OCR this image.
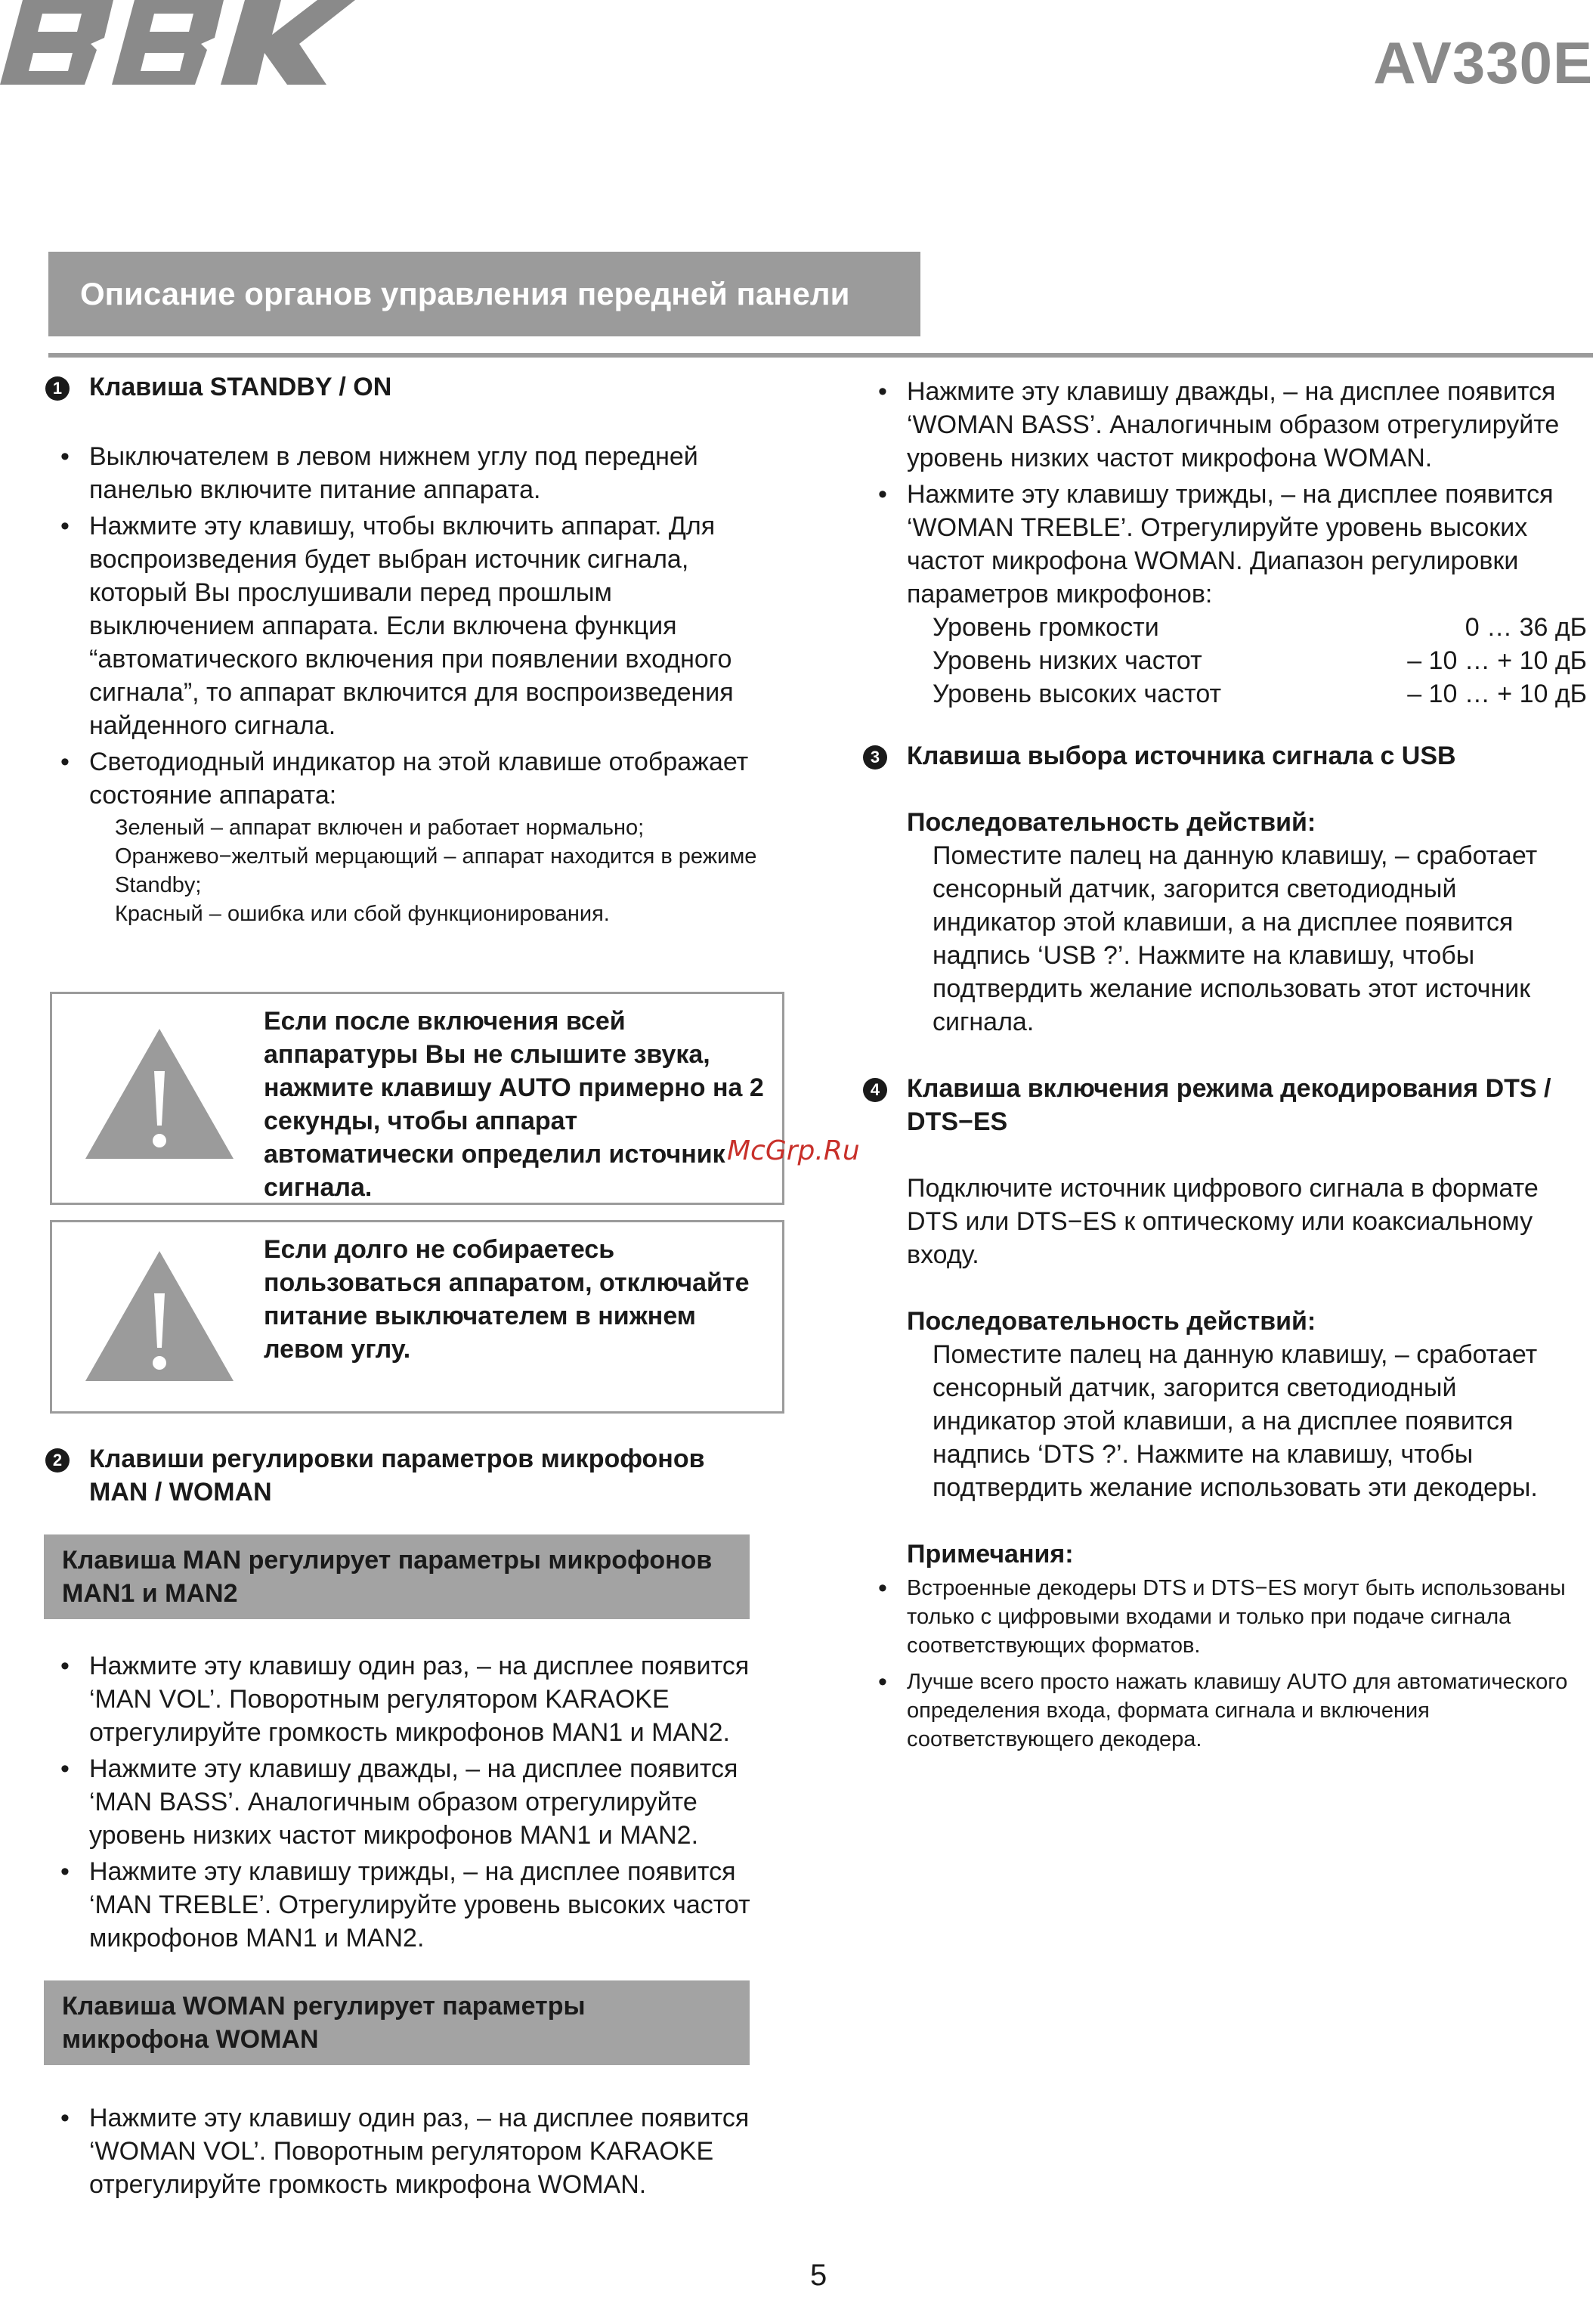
AV330E
Описание органов управления передней панели
1 Клавиша STANDBY / ON
• Выключателем в левом нижнем углу под передней панелью включите питание аппарата.
• Нажмите эту клавишу, чтобы включить аппарат. Для воспроизведения будет выбран источник сигнала, который Вы прослушивали перед прошлым выключением аппарата. Если включена функция “автоматического включения при появлении входного сигнала”, то аппарат включится для воспроизведения найденного сигнала.
• Светодиодный индикатор на этой клавише отображает состояние аппарата:
Зеленый – аппарат включен и работает нормально;
Оранжево−желтый мерцающий – аппарат находится в режиме Standby;
Красный – ошибка или сбой функционирования.
Если после включения всей аппаратуры Вы не слышите звука, нажмите клавишу AUTO примерно на 2 секунды, чтобы аппарат автоматически определил источник сигнала.
Если долго не собираетесь пользоваться аппаратом, отключайте питание выключателем в нижнем левом углу.
2 Клавиши регулировки параметров микрофонов MAN / WOMAN
Клавиша MAN регулирует параметры микрофонов MAN1 и MAN2
• Нажмите эту клавишу один раз, – на дисплее появится ‘MAN VOL’. Поворотным регулятором KARAOKE отрегулируйте громкость микрофонов MAN1 и MAN2.
• Нажмите эту клавишу дважды, – на дисплее появится ‘MAN BASS’. Аналогичным образом отрегулируйте уровень низких частот микрофонов MAN1 и MAN2.
• Нажмите эту клавишу трижды, – на дисплее появится ‘MAN TREBLE’. Отрегулируйте уровень высоких частот микрофонов MAN1 и MAN2.
Клавиша WOMAN регулирует параметры микрофона WOMAN
• Нажмите эту клавишу один раз, – на дисплее появится ‘WOMAN VOL’. Поворотным регулятором KARAOKE отрегулируйте громкость микрофона WOMAN.
• Нажмите эту клавишу дважды, – на дисплее появится ‘WOMAN BASS’. Аналогичным образом отрегулируйте уровень низких частот микрофона WOMAN.
• Нажмите эту клавишу трижды, – на дисплее появится ‘WOMAN TREBLE’. Отрегулируйте уровень высоких частот микрофона WOMAN. Диапазон регулировки параметров микрофонов:
Уровень громкости	0 … 36 дБ
Уровень низких частот	– 10 … + 10 дБ
Уровень высоких частот	– 10 … + 10 дБ
3 Клавиша выбора источника сигнала с USB
Последовательность действий:
Поместите палец на данную клавишу, – сработает сенсорный датчик, загорится светодиодный индикатор этой клавиши, а на дисплее появится надпись ‘USB ?’. Нажмите на клавишу, чтобы подтвердить желание использовать этот источник сигнала.
4 Клавиша включения режима декодирования DTS / DTS−ES
Подключите источник цифрового сигнала в формате DTS или DTS−ES к оптическому или коаксиальному входу.
Последовательность действий:
Поместите палец на данную клавишу, – сработает сенсорный датчик, загорится светодиодный индикатор этой клавиши, а на дисплее появится надпись ‘DTS ?’. Нажмите на клавишу, чтобы подтвердить желание использовать эти декодеры.
Примечания:
• Встроенные декодеры DTS и DTS−ES могут быть использованы только с цифровыми входами и только при подаче сигнала соответствующих форматов.
• Лучше всего просто нажать клавишу AUTO для автоматического определения входа, формата сигнала и включения соответствующего декодера.
McGrp.Ru
5
